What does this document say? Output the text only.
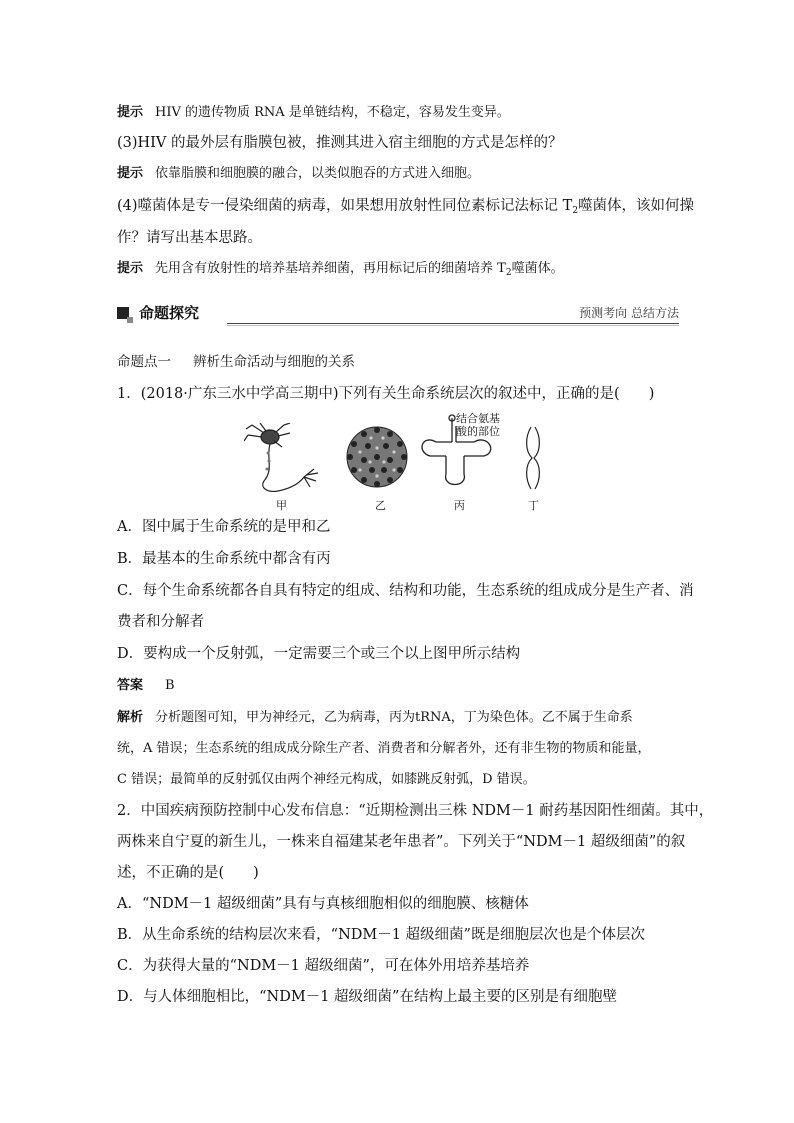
提示 HIV 的遗传物质 RNA 是单链结构，不稳定，容易发生变异。
(3)HIV 的最外层有脂膜包被，推测其进入宿主细胞的方式是怎样的？
提示 依靠脂膜和细胞膜的融合，以类似胞吞的方式进入细胞。
(4)噬菌体是专一侵染细菌的病毒，如果想用放射性同位素标记法标记 $T_2$噬菌体，该如何操
作？请写出基本思路。
提示 先用含有放射性的培养基培养细菌，再用标记后的细菌培养 $T_2$噬菌体。
命题探究	预测考向 总结方法
命题点一 辨析生命活动与细胞的关系
1．(2018·广东三水中学高三期中)下列有关生命系统层次的叙述中，正确的是(　　)
结合氨基
酸的部位
甲	乙	丙	丁
A．图中属于生命系统的是甲和乙
B．最基本的生命系统中都含有丙
C．每个生命系统都各自具有特定的组成、结构和功能，生态系统的组成成分是生产者、消
费者和分解者
D．要构成一个反射弧，一定需要三个或三个以上图甲所示结构
答案 B
解析 分析题图可知，甲为神经元，乙为病毒，丙为tRNA，丁为染色体。乙不属于生命系
统，A 错误；生态系统的组成成分除生产者、消费者和分解者外，还有非生物的物质和能量，
C 错误；最简单的反射弧仅由两个神经元构成，如膝跳反射弧，D 错误。
2．中国疾病预防控制中心发布信息：“近期检测出三株 NDM－1 耐药基因阳性细菌。其中，
两株来自宁夏的新生儿，一株来自福建某老年患者”。下列关于“NDM－1 超级细菌”的叙
述，不正确的是(　　)
A．“NDM－1 超级细菌”具有与真核细胞相似的细胞膜、核糖体
B．从生命系统的结构层次来看，“NDM－1 超级细菌”既是细胞层次也是个体层次
C．为获得大量的“NDM－1 超级细菌”，可在体外用培养基培养
D．与人体细胞相比，“NDM－1 超级细菌”在结构上最主要的区别是有细胞壁
